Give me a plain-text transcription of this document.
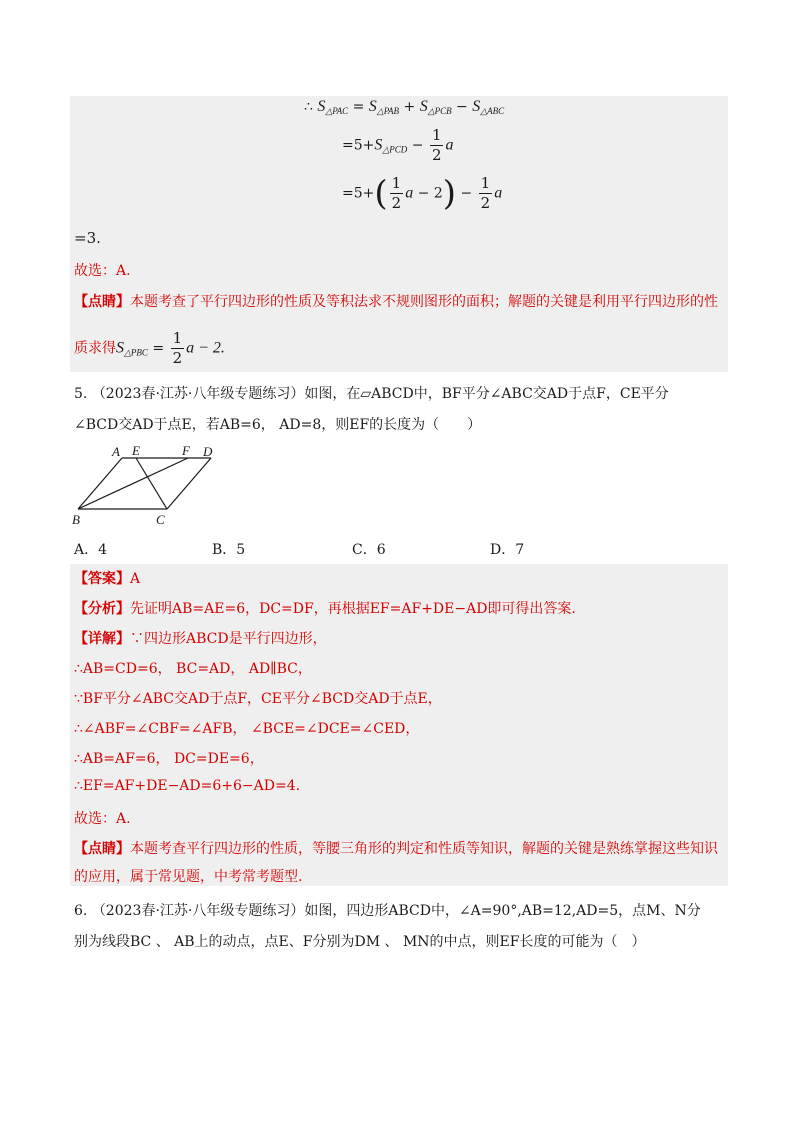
∴ $S_{\triangle PAC} = S_{\triangle PAB} + S_{\triangle PCB} - S_{\triangle ABC}$
$=5+S_{\triangle PCD} - \frac{1}{2}$ a
$=5+( \frac{1}{2}$ $a - 2) - \frac{1}{2}$ a
=3.
故选：A.
【点睛】本题考查了平行四边形的性质及等积法求不规则图形的面积；解题的关键是利用平行四边形的性
质求得$S_{\triangle PBC} = \frac{1}{2}$ a − 2.
5. （2023春·江苏·八年级专题练习）如图，在▱ABCD中，BF平分∠ABC交AD于点F，CE平分
∠BCD交AD于点E，若AB=6， AD=8，则EF的长度为（　　）
A E	F D
B	C
A．4	B．5	C．6	D．7
【答案】A
【分析】先证明AB=AE=6，DC=DF，再根据EF=AF+DE−AD即可得出答案.
【详解】∵四边形ABCD是平行四边形，
∴AB=CD=6， BC=AD， AD∥BC，
∵BF平分∠ABC交AD于点F，CE平分∠BCD交AD于点E，
∴∠ABF=∠CBF=∠AFB， ∠BCE=∠DCE=∠CED，
∴AB=AF=6， DC=DE=6，
∴EF=AF+DE−AD=6+6−AD=4.
故选：A.
【点睛】本题考查平行四边形的性质，等腰三角形的判定和性质等知识，解题的关键是熟练掌握这些知识
的应用，属于常见题，中考常考题型.
6. （2023春·江苏·八年级专题练习）如图，四边形ABCD中，∠A=90°,AB=12,AD=5，点M、N分
别为线段BC 、 AB上的动点，点E、F分别为DM 、 MN的中点，则EF长度的可能为（　）
